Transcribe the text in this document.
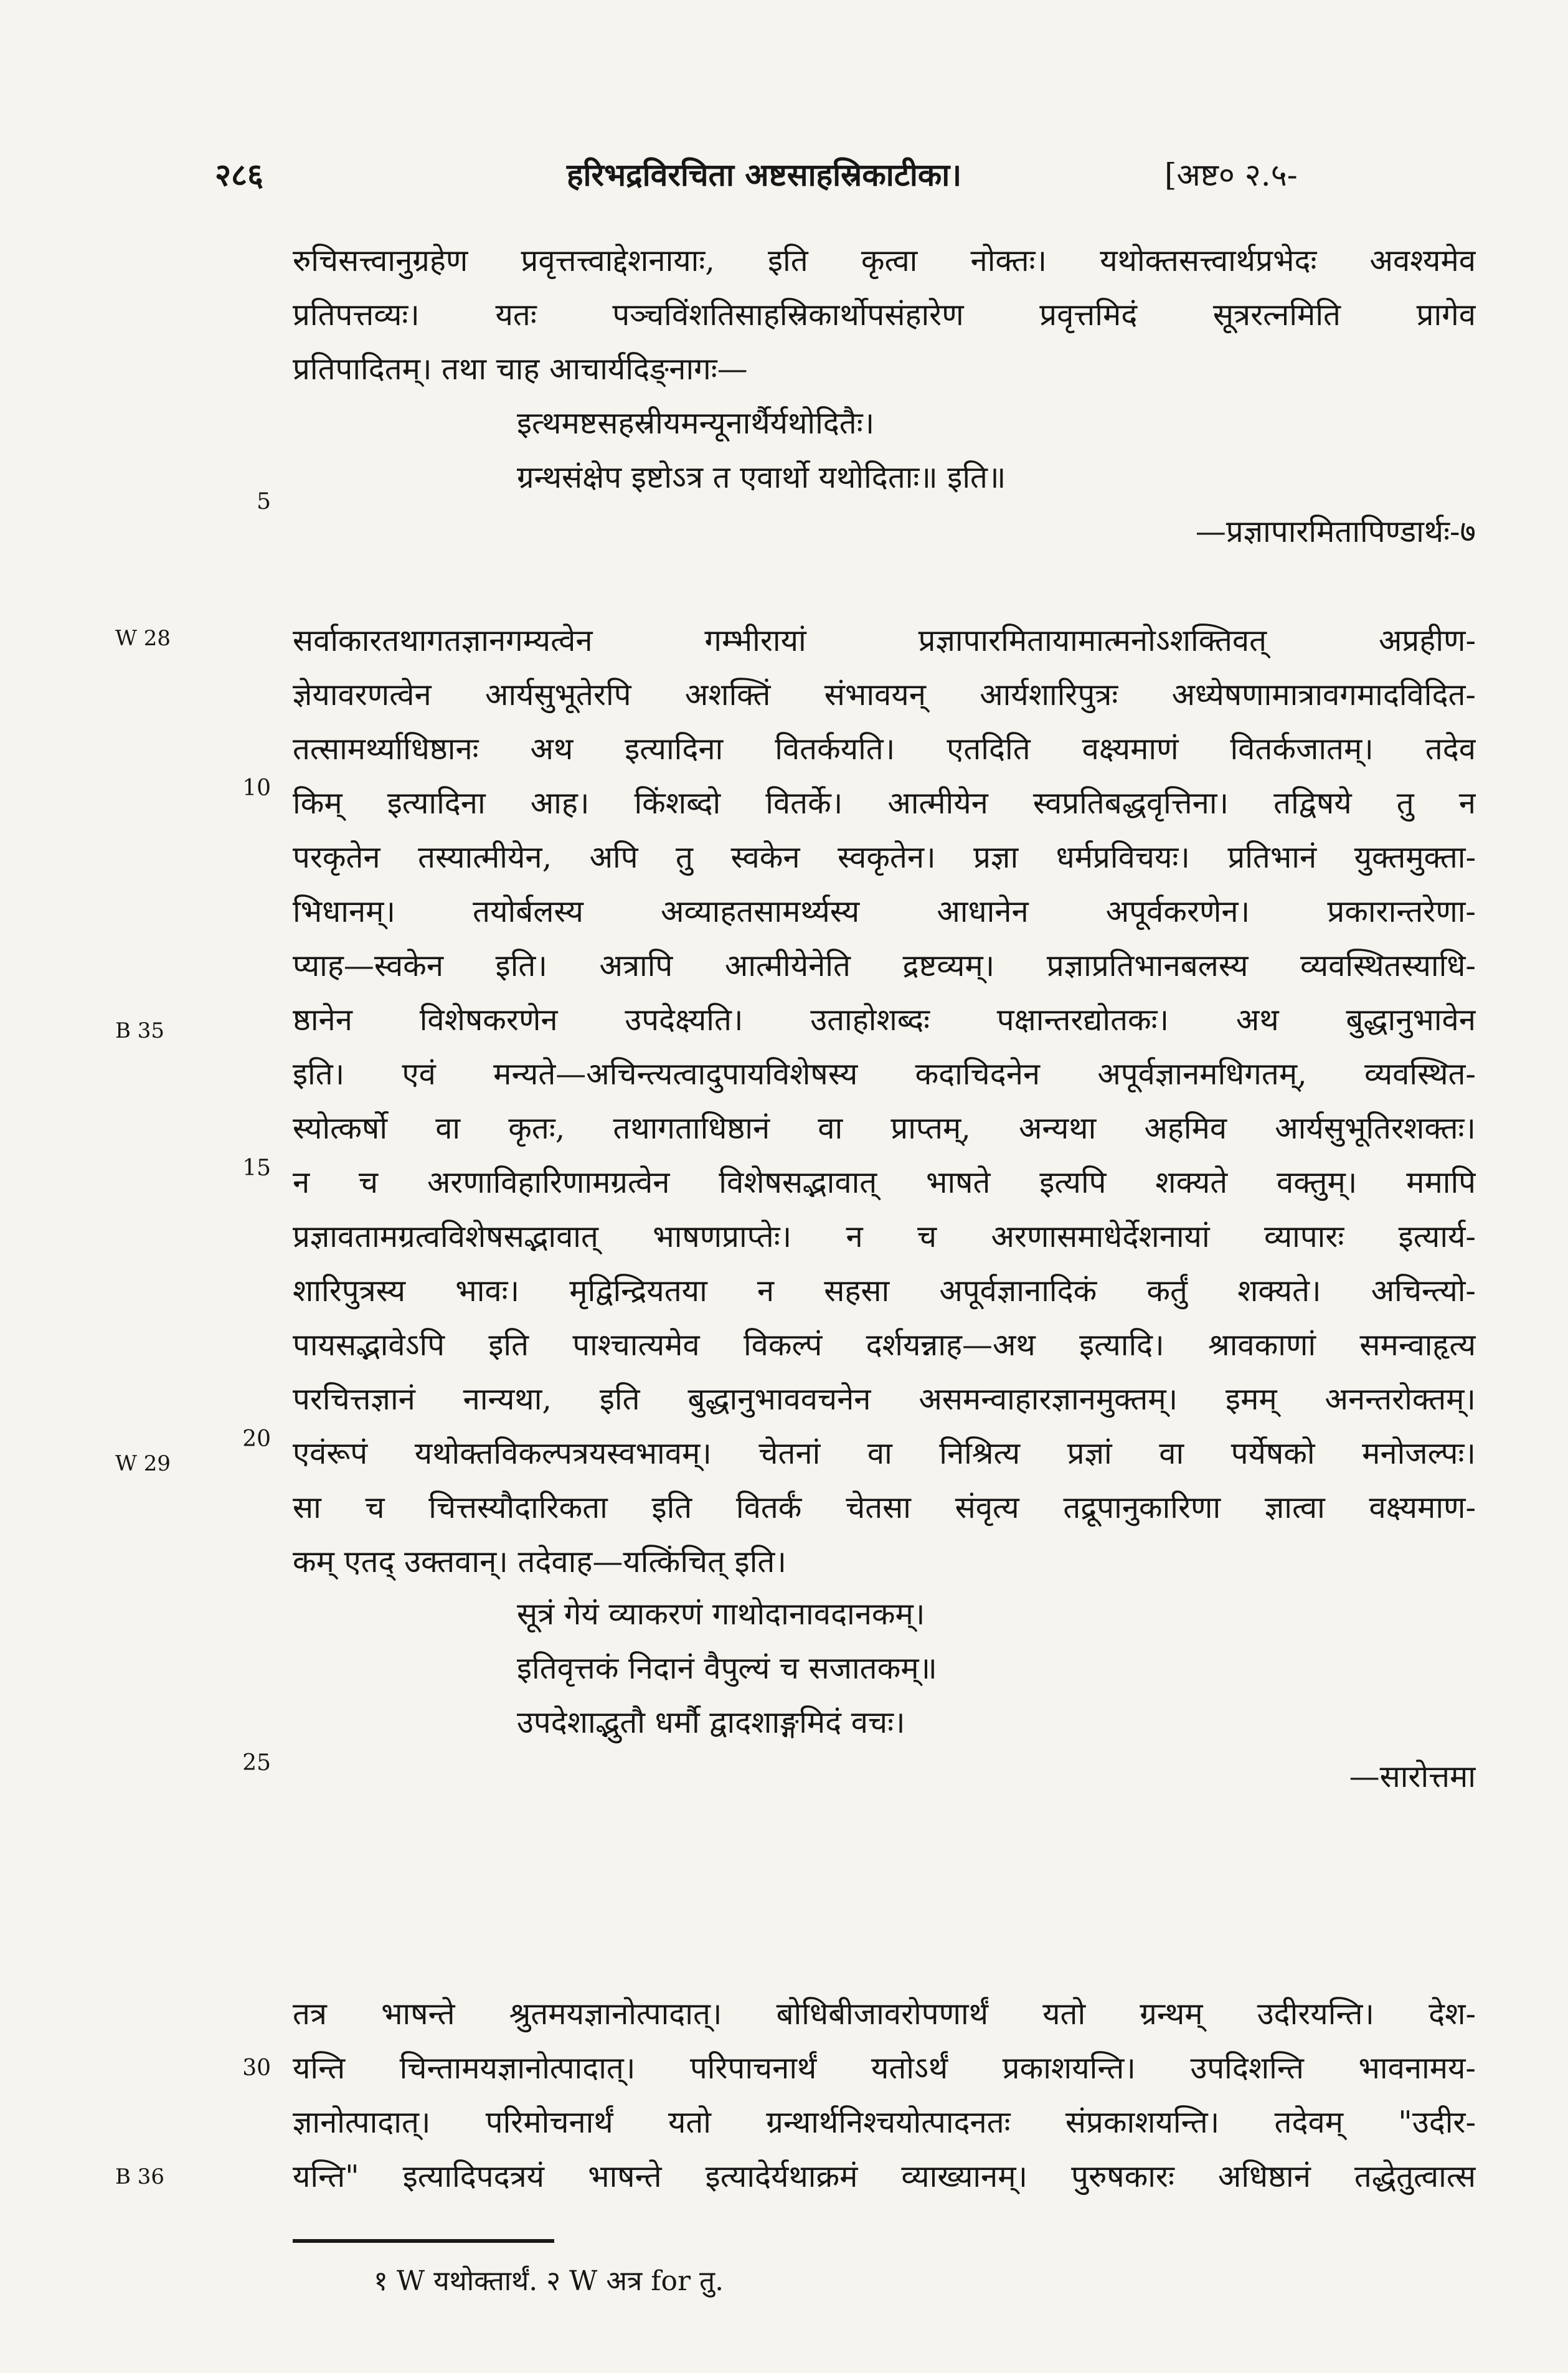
२८६	हरिभद्रविरचिता अष्टसाहस्रिकाटीका।	[अष्ट० २.५-
रुचिसत्त्वानुग्रहेण प्रवृत्तत्त्वाद्देशनायाः, इति कृत्वा नोक्तः। यथोक्तसत्त्वार्थप्रभेदः अवश्यमेव
प्रतिपत्तव्यः। यतः पञ्चविंशतिसाहस्रिकार्थोपसंहारेण प्रवृत्तमिदं सूत्ररत्नमिति प्रागेव
प्रतिपादितम्। तथा चाह आचार्यदिङ्नागः—
इत्थमष्टसहस्रीयमन्यूनार्थैर्यथोदितैः।
ग्रन्थसंक्षेप इष्टोऽत्र त एवार्थो यथोदिताः॥ इति॥
—प्रज्ञापारमितापिण्डार्थः-७
सर्वाकारतथागतज्ञानगम्यत्वेन गम्भीरायां प्रज्ञापारमितायामात्मनोऽशक्तिवत् अप्रहीण-
ज्ञेयावरणत्वेन आर्यसुभूतेरपि अशक्तिं संभावयन् आर्यशारिपुत्रः अध्येषणामात्रावगमादविदित-
तत्सामर्थ्याधिष्ठानः अथ इत्यादिना वितर्कयति। एतदिति वक्ष्यमाणं वितर्कजातम्। तदेव
किम् इत्यादिना आह। किंशब्दो वितर्के। आत्मीयेन स्वप्रतिबद्धवृत्तिना। तद्विषये तु न
परकृतेन तस्यात्मीयेन, अपि तु स्वकेन स्वकृतेन। प्रज्ञा धर्मप्रविचयः। प्रतिभानं युक्तमुक्ता-
भिधानम्। तयोर्बलस्य अव्याहतसामर्थ्यस्य आधानेन अपूर्वकरणेन। प्रकारान्तरेणा-
प्याह—स्वकेन इति। अत्रापि आत्मीयेनेति द्रष्टव्यम्। प्रज्ञाप्रतिभानबलस्य व्यवस्थितस्याधि-
ष्ठानेन विशेषकरणेन उपदेक्ष्यति। उताहोशब्दः पक्षान्तरद्योतकः। अथ बुद्धानुभावेन
इति। एवं मन्यते—अचिन्त्यत्वादुपायविशेषस्य कदाचिदनेन अपूर्वज्ञानमधिगतम्, व्यवस्थित-
स्योत्कर्षो वा कृतः, तथागताधिष्ठानं वा प्राप्तम्, अन्यथा अहमिव आर्यसुभूतिरशक्तः।
न च अरणाविहारिणामग्रत्वेन विशेषसद्भावात् भाषते इत्यपि शक्यते वक्तुम्। ममापि
प्रज्ञावतामग्रत्वविशेषसद्भावात् भाषणप्राप्तेः। न च अरणासमाधेर्देशनायां व्यापारः इत्यार्य-
शारिपुत्रस्य भावः। मृद्विन्द्रियतया न सहसा अपूर्वज्ञानादिकं कर्तुं शक्यते। अचिन्त्यो-
पायसद्भावेऽपि इति पाश्चात्यमेव विकल्पं दर्शयन्नाह—अथ इत्यादि। श्रावकाणां समन्वाहृत्य
परचित्तज्ञानं नान्यथा, इति बुद्धानुभाववचनेन असमन्वाहारज्ञानमुक्तम्। इमम् अनन्तरोक्तम्।
एवंरूपं यथोक्तविकल्पत्रयस्वभावम्। चेतनां वा निश्रित्य प्रज्ञां वा पर्येषको मनोजल्पः।
सा च चित्तस्यौदारिकता इति वितर्कं चेतसा संवृत्य तद्रूपानुकारिणा ज्ञात्वा वक्ष्यमाण-
कम् एतद् उक्तवान्। तदेवाह—यत्किंचित् इति।
सूत्रं गेयं व्याकरणं गाथोदानावदानकम्।
इतिवृत्तकं निदानं वैपुल्यं च सजातकम्॥
उपदेशाद्भुतौ धर्मौ द्वादशाङ्गमिदं वचः।
—सारोत्तमा
तत्र भाषन्ते श्रुतमयज्ञानोत्पादात्। बोधिबीजावरोपणार्थं यतो ग्रन्थम् उदीरयन्ति। देश-
यन्ति चिन्तामयज्ञानोत्पादात्। परिपाचनार्थं यतोऽर्थं प्रकाशयन्ति। उपदिशन्ति भावनामय-
ज्ञानोत्पादात्। परिमोचनार्थं यतो ग्रन्थार्थनिश्चयोत्पादनतः संप्रकाशयन्ति। तदेवम् "उदीर-
यन्ति" इत्यादिपदत्रयं भाषन्ते इत्यादेर्यथाक्रमं व्याख्यानम्। पुरुषकारः अधिष्ठानं तद्धेतुत्वात्स
5
10
15
20
25
30
W 28
B 35
W 29
B 36
१ W यथोक्तार्थं. २ W अत्र for तु.
